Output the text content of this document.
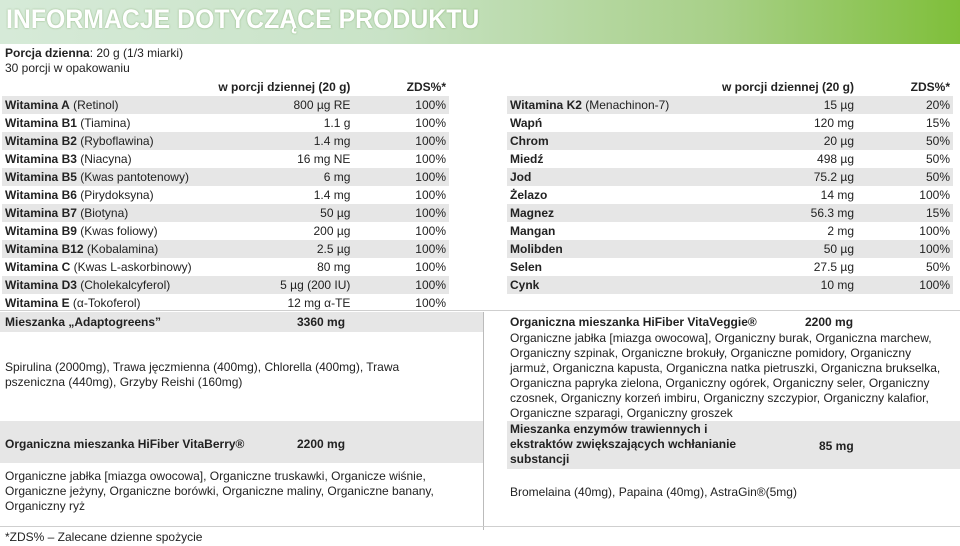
INFORMACJE DOTYCZĄCE PRODUKTU
Porcja dzienna: 20 g (1/3 miarki)
30 porcji w opakowaniu
	w porcji dziennej (20 g)	ZDS%*
Witamina A (Retinol)	800 µg RE	100%
Witamina B1 (Tiamina)	1.1 g	100%
Witamina B2 (Ryboflawina)	1.4 mg	100%
Witamina B3 (Niacyna)	16 mg NE	100%
Witamina B5 (Kwas pantotenowy)	6 mg	100%
Witamina B6 (Pirydoksyna)	1.4 mg	100%
Witamina B7 (Biotyna)	50 µg	100%
Witamina B9 (Kwas foliowy)	200 µg	100%
Witamina B12 (Kobalamina)	2.5 µg	100%
Witamina C (Kwas L-askorbinowy)	80 mg	100%
Witamina D3 (Cholekalcyferol)	5 µg (200 IU)	100%
Witamina E (α-Tokoferol)	12 mg α-TE	100%
	w porcji dziennej (20 g)	ZDS%*
Witamina K2 (Menachinon-7)	15 µg	20%
Wapń	120 mg	15%
Chrom	20 µg	50%
Miedź	498 µg	50%
Jod	75.2 µg	50%
Żelazo	14 mg	100%
Magnez	56.3 mg	15%
Mangan	2 mg	100%
Molibden	50 µg	100%
Selen	27.5 µg	50%
Cynk	10 mg	100%
Mieszanka „Adaptogreens”	3360 mg
Spirulina (2000mg), Trawa jęczmienna (400mg), Chlorella (400mg), Trawa pszeniczna (440mg), Grzyby Reishi (160mg)
Organiczna mieszanka HiFiber VitaVeggie®	2200 mg
Organiczne jabłka [miazga owocowa], Organiczny burak, Organiczna marchew, Organiczny szpinak, Organiczne brokuły, Organiczne pomidory, Organiczny jarmuż, Organiczna kapusta, Organiczna natka pietruszki, Organiczna brukselka, Organiczna papryka zielona, Organiczny ogórek, Organiczny seler, Organiczny czosnek, Organiczny korzeń imbiru, Organiczny szczypior, Organiczny kalafior, Organiczne szparagi, Organiczny groszek
Organiczna mieszanka HiFiber VitaBerry®	2200 mg
Organiczne jabłka [miazga owocowa], Organiczne truskawki, Organicze wiśnie, Organiczne jeżyny, Organiczne borówki, Organiczne maliny, Organiczne banany, Organiczny ryż
Mieszanka enzymów trawiennych i ekstraktów zwiększających wchłanianie substancji
85 mg
Bromelaina (40mg), Papaina (40mg), AstraGin®(5mg)
*ZDS% – Zalecane dzienne spożycie
